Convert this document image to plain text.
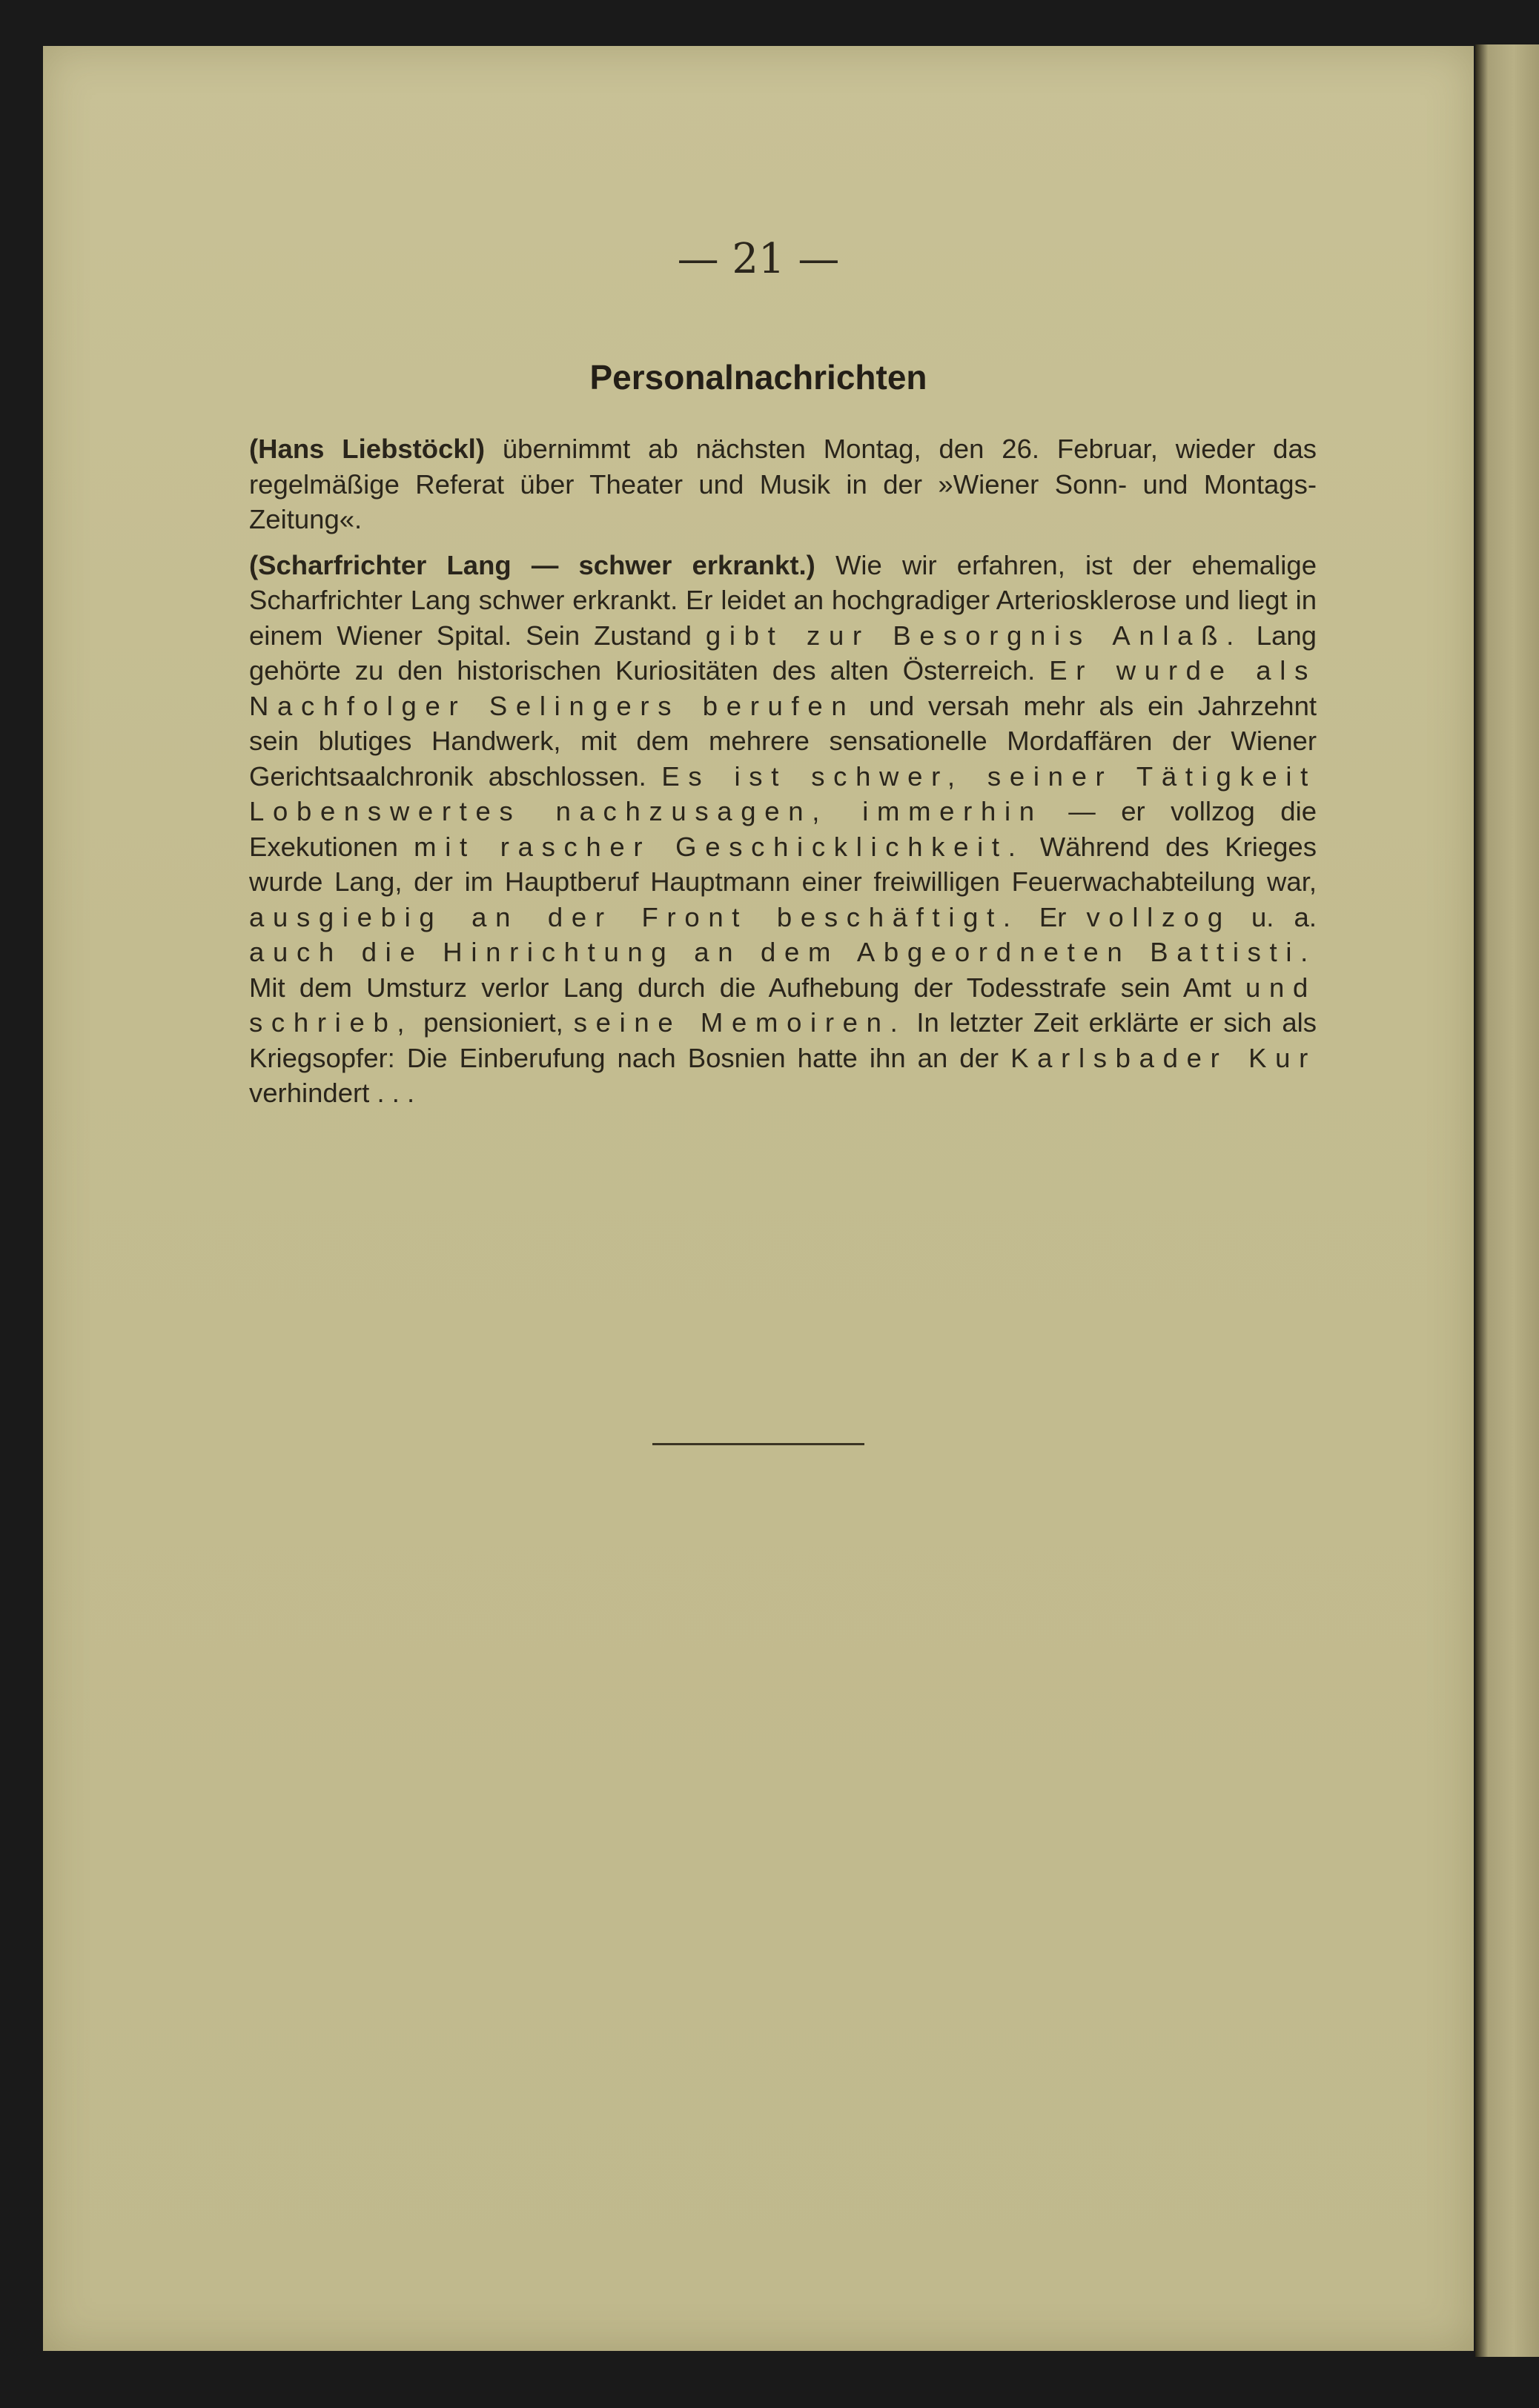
— 21 —
Personalnachrichten

(Hans Liebstöckl) übernimmt ab nächsten Montag, den 26. Februar, wieder das regelmäßige Referat über Theater und Musik in der »Wiener Sonn- und Montags-Zeitung«.

(Scharfrichter Lang — schwer erkrankt.) Wie wir erfahren, ist der ehemalige Scharfrichter Lang schwer erkrankt. Er leidet an hochgradiger Arteriosklerose und liegt in einem Wiener Spital. Sein Zustand gibt zur Besorgnis Anlaß. Lang gehörte zu den historischen Kuriositäten des alten Österreich. Er wurde als Nachfolger Selingers berufen und versah mehr als ein Jahrzehnt sein blutiges Handwerk, mit dem mehrere sensationelle Mordaffären der Wiener Gerichtsaalchronik abschlossen. Es ist schwer, seiner Tätigkeit Lobenswertes nachzusagen, immerhin — er vollzog die Exekutionen mit rascher Geschicklichkeit. Während des Krieges wurde Lang, der im Hauptberuf Hauptmann einer freiwilligen Feuerwachabteilung war, ausgiebig an der Front beschäftigt. Er vollzog u. a. auch die Hinrichtung an dem Abgeordneten Battisti. Mit dem Umsturz verlor Lang durch die Aufhebung der Todesstrafe sein Amt und schrieb, pensioniert, seine Memoiren. In letzter Zeit erklärte er sich als Kriegsopfer: Die Einberufung nach Bosnien hatte ihn an der Karlsbader Kur verhindert . . .
